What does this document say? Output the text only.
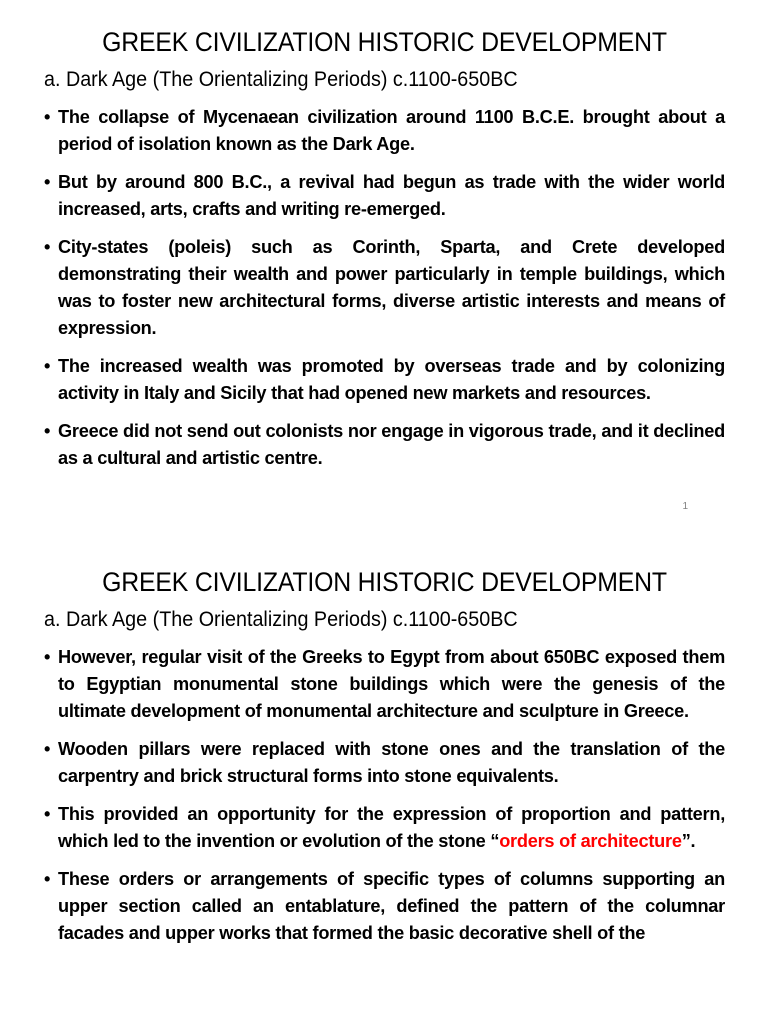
GREEK CIVILIZATION HISTORIC DEVELOPMENT
a. Dark Age (The Orientalizing Periods) c.1100-650BC
• The collapse of Mycenaean civilization around 1100 B.C.E. brought about a period of isolation known as the Dark Age.
• But by around 800 B.C., a revival had begun as trade with the wider world increased, arts, crafts and writing re-emerged.
• City-states (poleis) such as Corinth, Sparta, and Crete developed demonstrating their wealth and power particularly in temple buildings, which was to foster new architectural forms, diverse artistic interests and means of expression.
• The increased wealth was promoted by overseas trade and by colonizing activity in Italy and Sicily that had opened new markets and resources.
• Greece did not send out colonists nor engage in vigorous trade, and it declined as a cultural and artistic centre.
1
GREEK CIVILIZATION HISTORIC DEVELOPMENT
a. Dark Age (The Orientalizing Periods) c.1100-650BC
• However, regular visit of the Greeks to Egypt from about 650BC exposed them to Egyptian monumental stone buildings which were the genesis of the ultimate development of monumental architecture and sculpture in Greece.
• Wooden pillars were replaced with stone ones and the translation of the carpentry and brick structural forms into stone equivalents.
• This provided an opportunity for the expression of proportion and pattern, which led to the invention or evolution of the stone “orders of architecture”.
• These orders or arrangements of specific types of columns supporting an upper section called an entablature, defined the pattern of the columnar facades and upper works that formed the basic decorative shell of the
